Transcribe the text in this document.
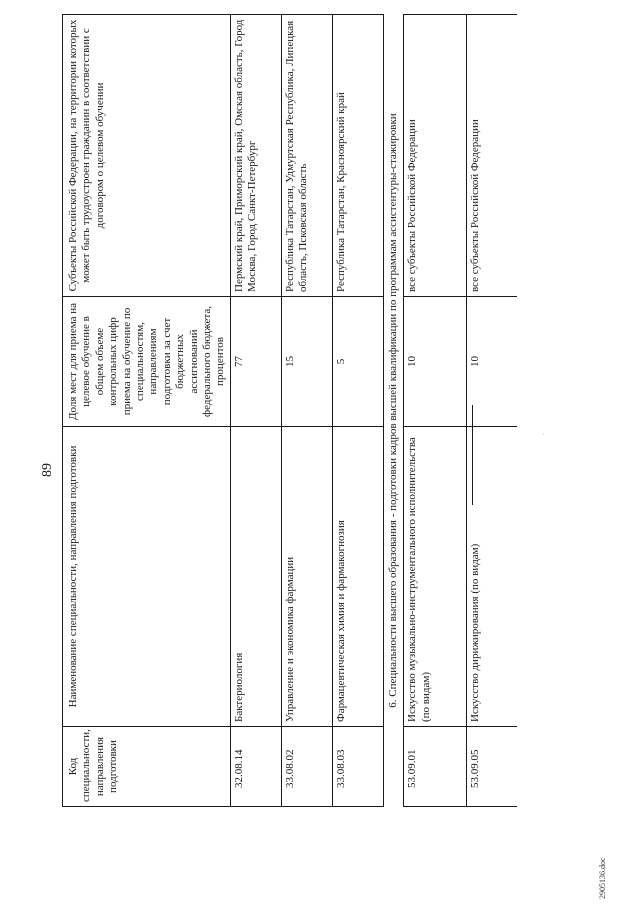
89
Код специальности, направления подготовки	Наименование специальности, направления подготовки	Доля мест для приема на целевое обучение в общем объеме контрольных цифр приема на обучение по специальностям, направлениям подготовки за счет бюджетных ассигнований федерального бюджета, процентов	Субъекты Российской Федерации, на территории которых может быть трудоустроен гражданин в соответствии с договором о целевом обучении
32.08.14	Бактериология	77	Пермский край, Приморский край, Омская область, Город Москва, Город Санкт-Петербург
33.08.02	Управление и экономика фармации	15	Республика Татарстан, Удмуртская Республика, Липецкая область, Псковская область
33.08.03	Фармацевтическая химия и фармакогнозия	5	Республика Татарстан, Красноярский край
6. Специальности высшего образования - подготовки кадров высшей квалификации по программам ассистентуры-стажировки			
53.09.01	Искусство музыкально-инструментального исполнительства (по видам)	10	все субъекты Российской Федерации
53.09.05	Искусство дирижирования (по видам)	10	все субъекты Российской Федерации
·
2905136.doc
